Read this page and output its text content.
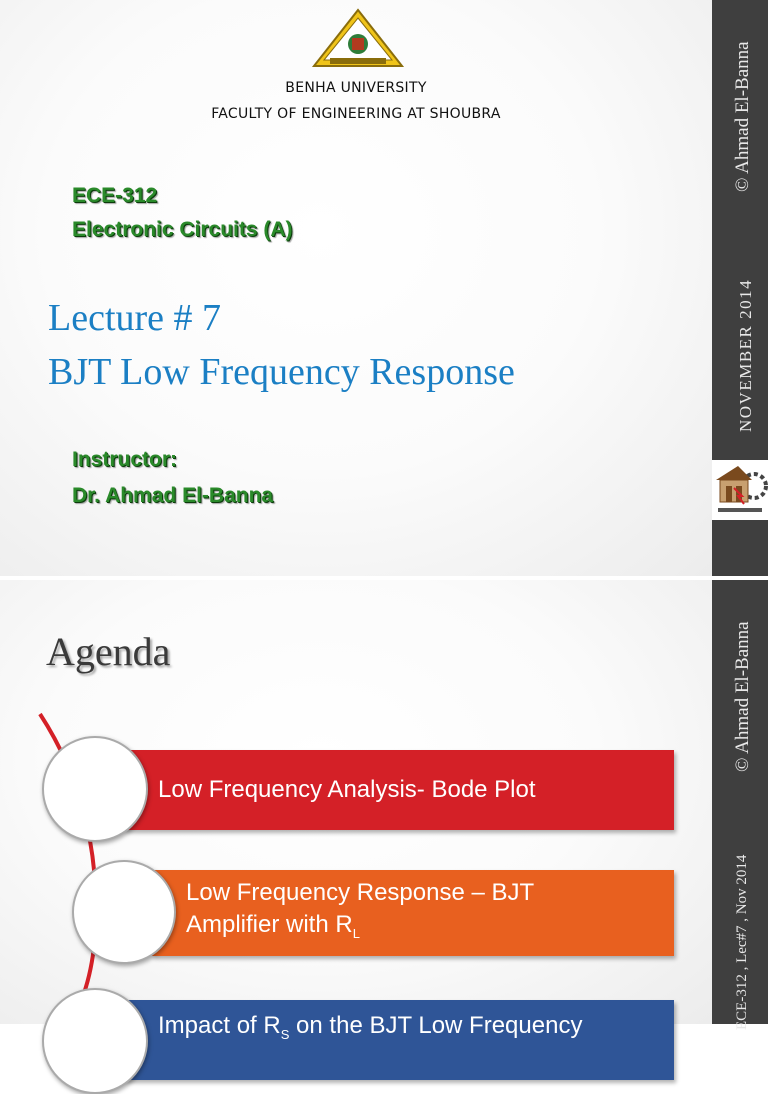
BENHA UNIVERSITY
FACULTY OF ENGINEERING AT SHOUBRA
ECE-312
Electronic Circuits (A)
Lecture # 7
BJT Low Frequency Response
Instructor:
Dr. Ahmad El-Banna
© Ahmad El-Banna
NOVEMBER 2014
Agenda
Low Frequency Analysis- Bode Plot
Low Frequency Response – BJT
Amplifier with $R_L$
Impact of $R_S$ on the BJT Low Frequency
© Ahmad El-Banna
ECE-312 , Lec#7 , Nov 2014
